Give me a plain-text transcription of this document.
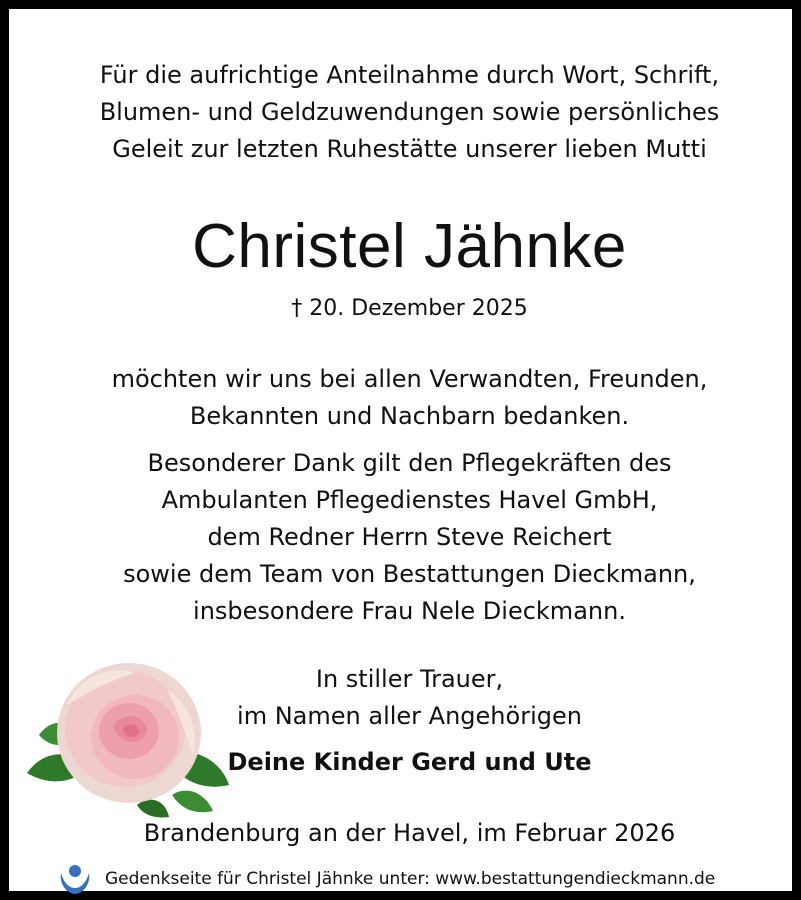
Für die aufrichtige Anteilnahme durch Wort, Schrift,
Blumen- und Geldzuwendungen sowie persönliches
Geleit zur letzten Ruhestätte unserer lieben Mutti
Christel Jähnke
† 20. Dezember 2025
möchten wir uns bei allen Verwandten, Freunden,
Bekannten und Nachbarn bedanken.
Besonderer Dank gilt den Pflegekräften des
Ambulanten Pflegedienstes Havel GmbH,
dem Redner Herrn Steve Reichert
sowie dem Team von Bestattungen Dieckmann,
insbesondere Frau Nele Dieckmann.
In stiller Trauer,
im Namen aller Angehörigen
Deine Kinder Gerd und Ute
Brandenburg an der Havel, im Februar 2026
Gedenkseite für Christel Jähnke unter: www.bestattungendieckmann.de
